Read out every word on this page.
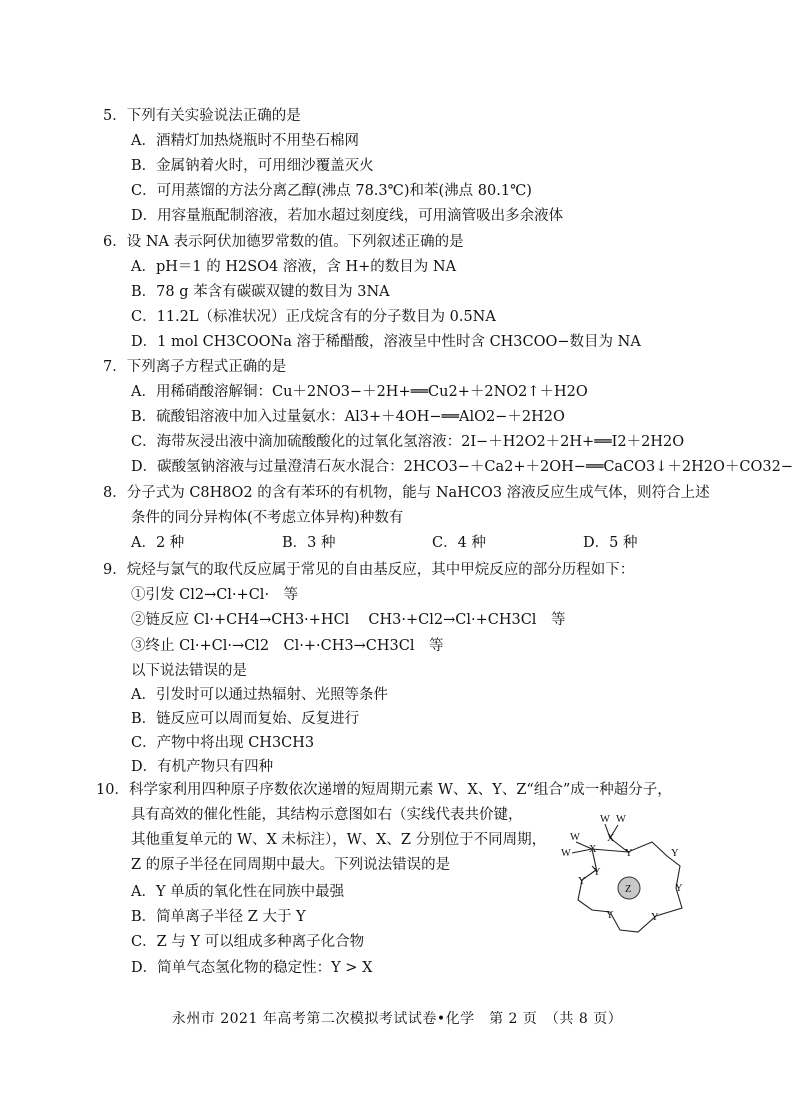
5．下列有关实验说法正确的是
A．酒精灯加热烧瓶时不用垫石棉网
B．金属钠着火时，可用细沙覆盖灭火
C．可用蒸馏的方法分离乙醇(沸点 78.3℃)和苯(沸点 80.1℃)
D．用容量瓶配制溶液，若加水超过刻度线，可用滴管吸出多余液体
6．设 NA 表示阿伏加德罗常数的值。下列叙述正确的是
A．pH＝1 的 H2SO4 溶液，含 H+的数目为 NA
B．78 g 苯含有碳碳双键的数目为 3NA
C．11.2L（标准状况）正戊烷含有的分子数目为 0.5NA
D．1 mol CH3COONa 溶于稀醋酸，溶液呈中性时含 CH3COO−数目为 NA
7．下列离子方程式正确的是
A．用稀硝酸溶解铜：Cu＋2NO3−＋2H+══Cu2+＋2NO2↑＋H2O
B．硫酸铝溶液中加入过量氨水：Al3+＋4OH−══AlO2−＋2H2O
C．海带灰浸出液中滴加硫酸酸化的过氧化氢溶液：2I−＋H2O2＋2H+══I2＋2H2O
D．碳酸氢钠溶液与过量澄清石灰水混合：2HCO3−＋Ca2+＋2OH−══CaCO3↓＋2H2O＋CO32−
8．分子式为 C8H8O2 的含有苯环的有机物，能与 NaHCO3 溶液反应生成气体，则符合上述
条件的同分异构体(不考虑立体异构)种数有
A．2 种	B．3 种	C．4 种	D．5 种
9．烷烃与氯气的取代反应属于常见的自由基反应，其中甲烷反应的部分历程如下：
①引发 Cl2→Cl·+Cl·　等
②链反应 Cl·+CH4→CH3·+HCl　 CH3·+Cl2→Cl·+CH3Cl　等
③终止 Cl·+Cl·→Cl2　Cl·+·CH3→CH3Cl　等
以下说法错误的是
A．引发时可以通过热辐射、光照等条件
B．链反应可以周而复始、反复进行
C．产物中将出现 CH3CH3
D．有机产物只有四种
10．科学家利用四种原子序数依次递增的短周期元素 W、X、Y、Z“组合”成一种超分子，
具有高效的催化性能，其结构示意图如右（实线代表共价键，
其他重复单元的 W、X 未标注），W、X、Z 分别位于不同周期，
Z 的原子半径在同周期中最大。下列说法错误的是
A．Y 单质的氧化性在同族中最强
B．简单离子半径 Z 大于 Y
C．Z 与 Y 可以组成多种离子化合物
D．简单气态氢化物的稳定性：Y > X
Z
X
X
W
W
W W
Y	Y
Y
Y
Y
Y
Y
永州市 2021 年高考第二次模拟考试试卷•化学　第 2 页　（共 8 页）
